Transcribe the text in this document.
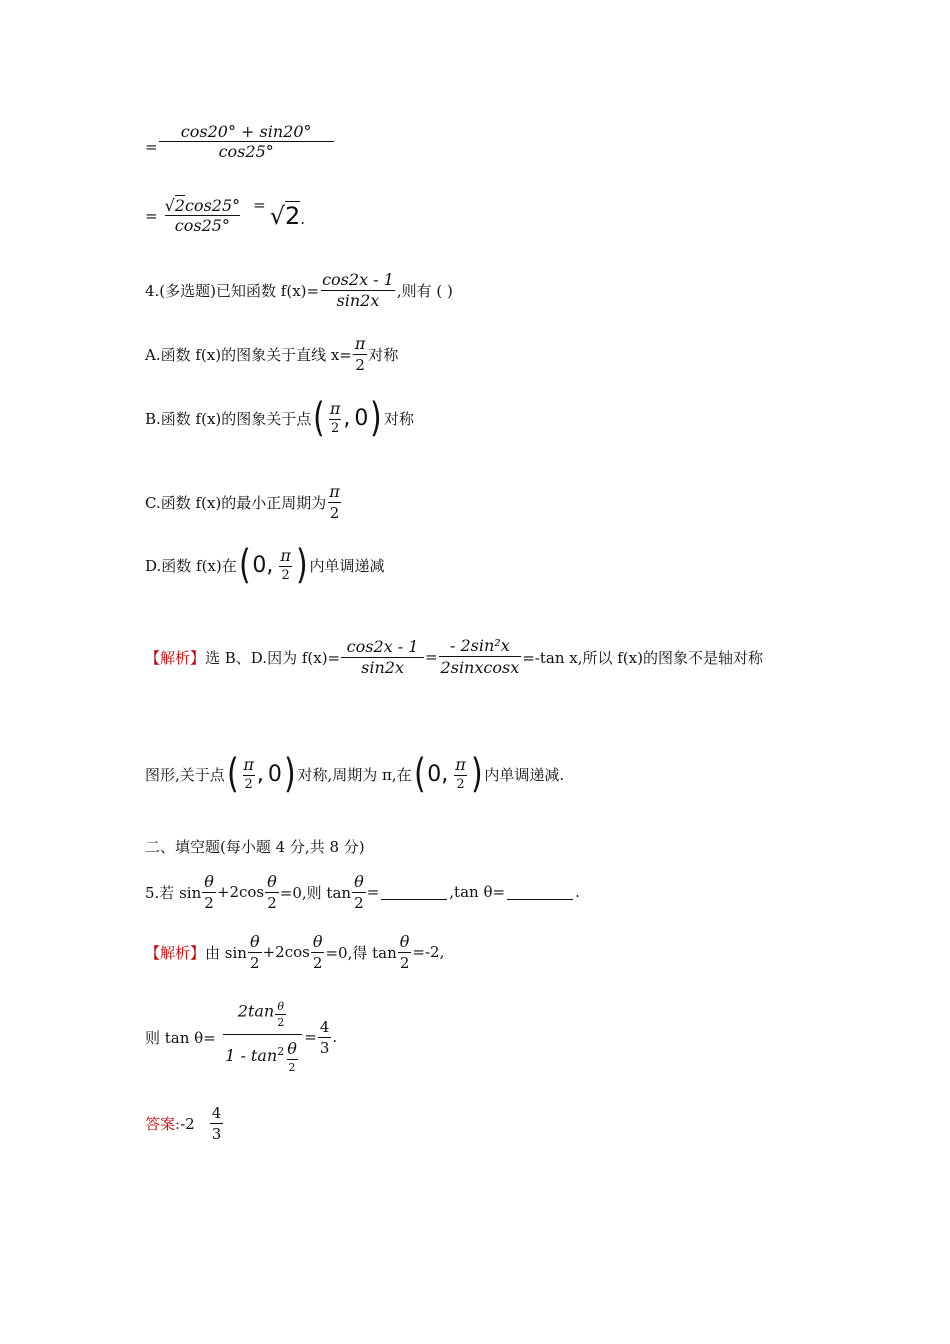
= $\frac{\cos 20^\circ + \sin 20^\circ}{\cos 25^\circ}$
= $\frac{√2\cos 25^\circ}{\cos 25^\circ} = √2$.
4.(多选题)已知函数 $f(x)= \frac{\cos 2x - 1}{\sin 2x}$ ,则有 ( )
A.函数 f(x)的图象关于直线 $x= \frac{\pi}{2}$ 对称
B.函数 f(x)的图象关于点 ( $\frac{\pi}{2}$ , 0 ) 对称
C.函数 f(x)的最小正周期为 $\frac{\pi}{2}$
D.函数 f(x)在 ( 0 , $\frac{\pi}{2}$ ) 内单调递减
【解析】 选 B、D.因为 $f(x)= \frac{\cos 2x - 1}{\sin 2x} = \frac{\text{- 2sin²x}}{\text{2sinxcosx}} =-\tan$ x,所以 f(x)的图象不是轴对称
图形,关于点 ( $\frac{\pi}{2}$ , 0 ) 对称,周期为 π,在 ( 0 , $\frac{\pi}{2}$ ) 内单调递减.
二、填空题(每小题 4 分,共 8 分)
5.若 $\sin \frac{\theta}{2} +2\cos \frac{\theta}{2} =0$,则 $\tan \frac{\theta}{2}$ =	,tan θ=	.
【解析】 由 $\sin \frac{\theta}{2} +2\cos \frac{\theta}{2} =0$,得 $\tan \frac{\theta}{2} =-2$,
则 $\tan \theta= \frac{2\tan \frac{\theta}{2}}{1 - \tan^2 \frac{\theta}{2}} = \frac{4}{3}$ .
答案: $-2 \frac{4}{3}$
